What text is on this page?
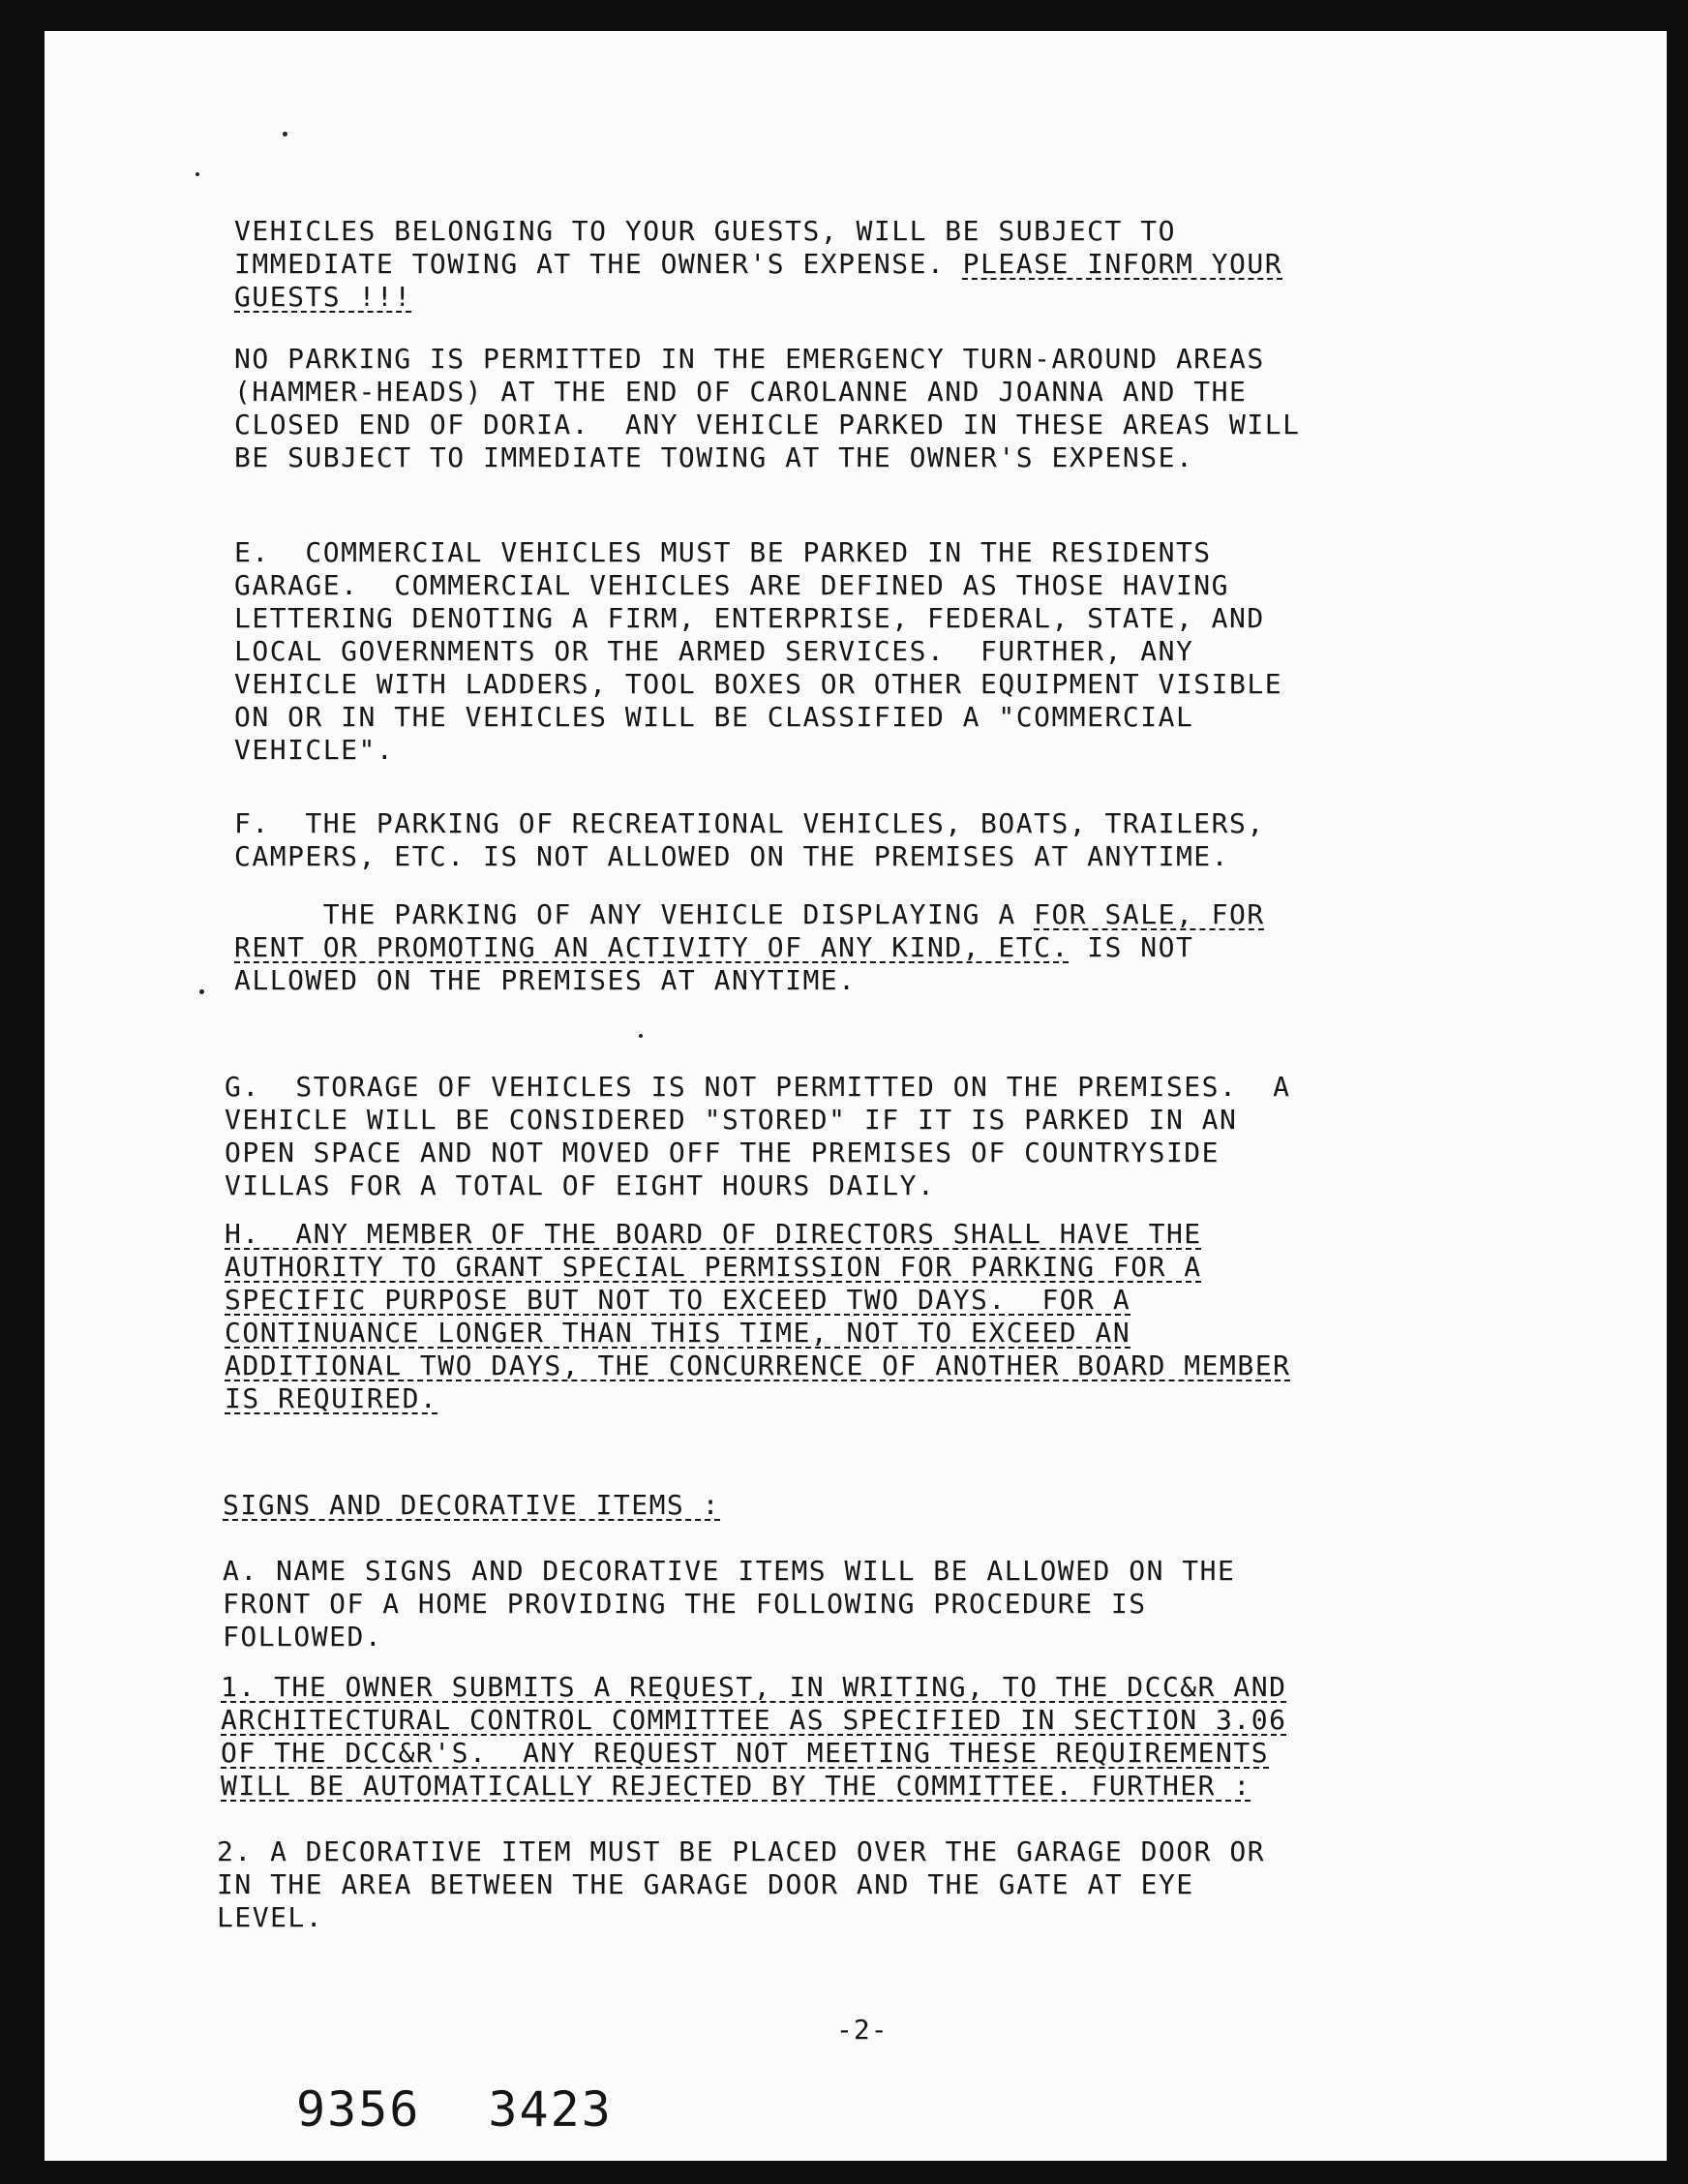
VEHICLES BELONGING TO YOUR GUESTS, WILL BE SUBJECT TO
IMMEDIATE TOWING AT THE OWNER'S EXPENSE. PLEASE INFORM YOUR
GUESTS !!!

NO PARKING IS PERMITTED IN THE EMERGENCY TURN-AROUND AREAS
(HAMMER-HEADS) AT THE END OF CAROLANNE AND JOANNA AND THE
CLOSED END OF DORIA.  ANY VEHICLE PARKED IN THESE AREAS WILL
BE SUBJECT TO IMMEDIATE TOWING AT THE OWNER'S EXPENSE.

E.  COMMERCIAL VEHICLES MUST BE PARKED IN THE RESIDENTS
GARAGE.  COMMERCIAL VEHICLES ARE DEFINED AS THOSE HAVING
LETTERING DENOTING A FIRM, ENTERPRISE, FEDERAL, STATE, AND
LOCAL GOVERNMENTS OR THE ARMED SERVICES.  FURTHER, ANY
VEHICLE WITH LADDERS, TOOL BOXES OR OTHER EQUIPMENT VISIBLE
ON OR IN THE VEHICLES WILL BE CLASSIFIED A "COMMERCIAL
VEHICLE".

F.  THE PARKING OF RECREATIONAL VEHICLES, BOATS, TRAILERS,
CAMPERS, ETC. IS NOT ALLOWED ON THE PREMISES AT ANYTIME.

THE PARKING OF ANY VEHICLE DISPLAYING A FOR SALE, FOR
RENT OR PROMOTING AN ACTIVITY OF ANY KIND, ETC. IS NOT
ALLOWED ON THE PREMISES AT ANYTIME.

G.  STORAGE OF VEHICLES IS NOT PERMITTED ON THE PREMISES.  A
VEHICLE WILL BE CONSIDERED "STORED" IF IT IS PARKED IN AN
OPEN SPACE AND NOT MOVED OFF THE PREMISES OF COUNTRYSIDE
VILLAS FOR A TOTAL OF EIGHT HOURS DAILY.

H.  ANY MEMBER OF THE BOARD OF DIRECTORS SHALL HAVE THE
AUTHORITY TO GRANT SPECIAL PERMISSION FOR PARKING FOR A
SPECIFIC PURPOSE BUT NOT TO EXCEED TWO DAYS.  FOR A
CONTINUANCE LONGER THAN THIS TIME, NOT TO EXCEED AN
ADDITIONAL TWO DAYS, THE CONCURRENCE OF ANOTHER BOARD MEMBER
IS REQUIRED.

SIGNS AND DECORATIVE ITEMS :

A. NAME SIGNS AND DECORATIVE ITEMS WILL BE ALLOWED ON THE
FRONT OF A HOME PROVIDING THE FOLLOWING PROCEDURE IS
FOLLOWED.

1. THE OWNER SUBMITS A REQUEST, IN WRITING, TO THE DCC&R AND
ARCHITECTURAL CONTROL COMMITTEE AS SPECIFIED IN SECTION 3.06
OF THE DCC&R'S.  ANY REQUEST NOT MEETING THESE REQUIREMENTS
WILL BE AUTOMATICALLY REJECTED BY THE COMMITTEE. FURTHER :

2. A DECORATIVE ITEM MUST BE PLACED OVER THE GARAGE DOOR OR
IN THE AREA BETWEEN THE GARAGE DOOR AND THE GATE AT EYE
LEVEL.

-2-
9356 3423
